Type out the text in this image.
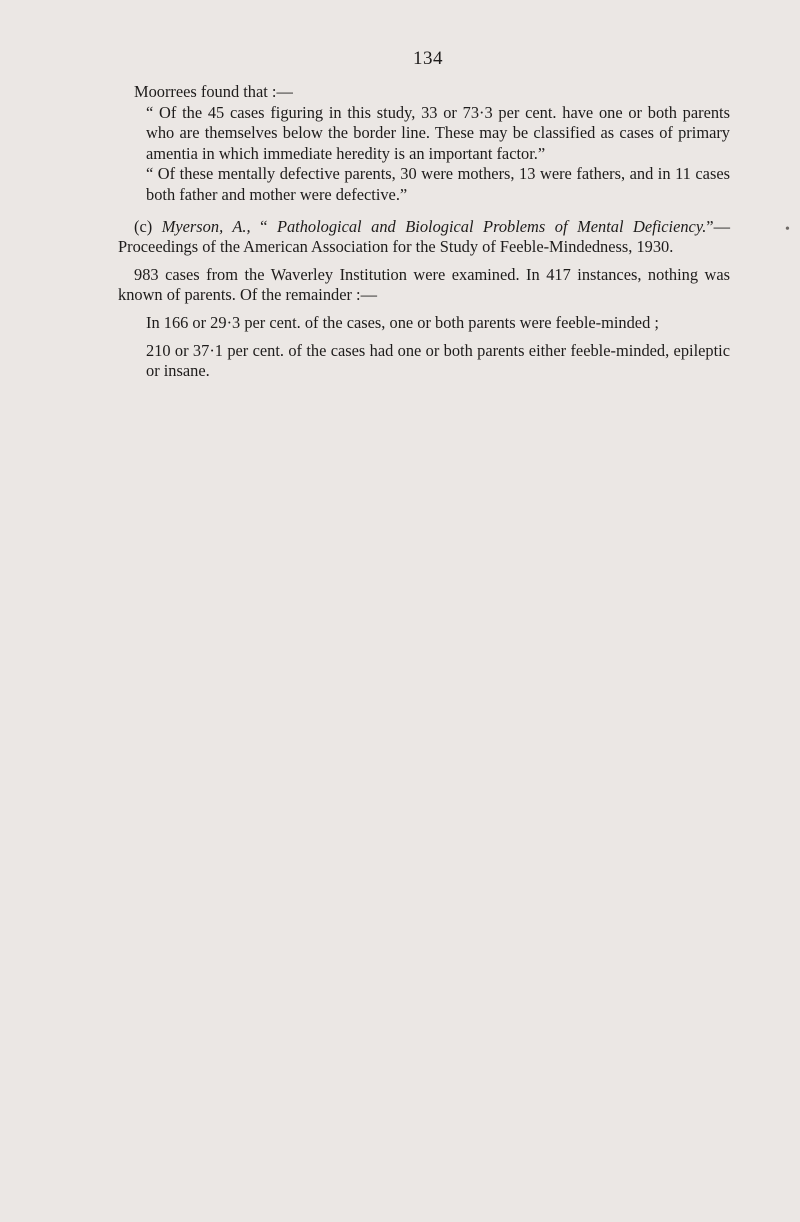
134

Moorrees found that :—

“ Of the 45 cases figuring in this study, 33 or 73·3 per cent. have one or both parents who are themselves below the border line. These may be classified as cases of primary amentia in which immediate heredity is an important factor.”

“ Of these mentally defective parents, 30 were mothers, 13 were fathers, and in 11 cases both father and mother were defective.”

(c) Myerson, A., “ Pathological and Biological Problems of Mental Deficiency.”—Proceedings of the American Association for the Study of Feeble-Mindedness, 1930.

983 cases from the Waverley Institution were examined. In 417 instances, nothing was known of parents. Of the remainder :—

In 166 or 29·3 per cent. of the cases, one or both parents were feeble-minded ;

210 or 37·1 per cent. of the cases had one or both parents either feeble-minded, epileptic or insane.

•
